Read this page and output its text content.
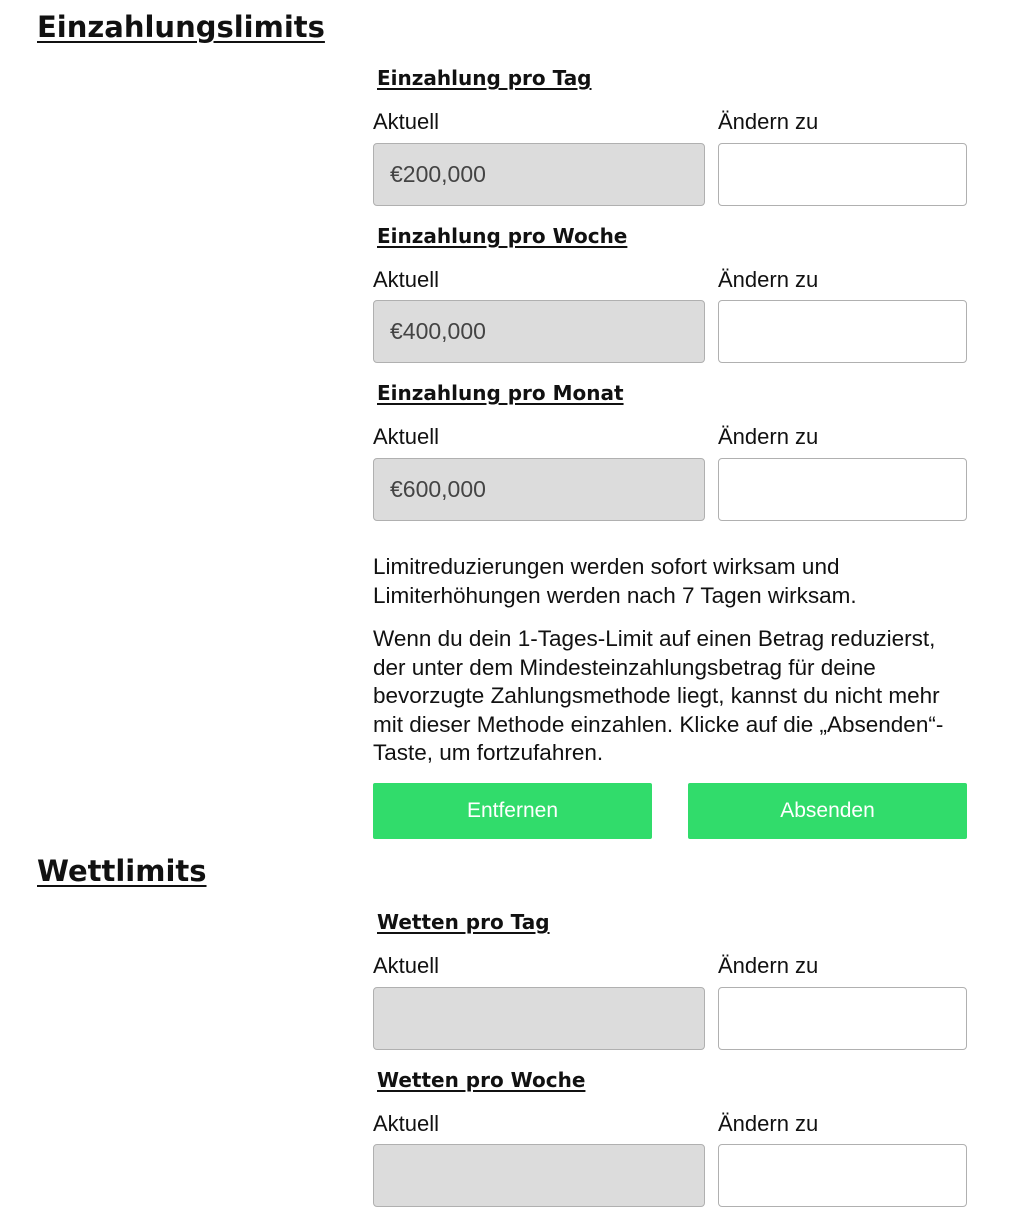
Einzahlungslimits
Einzahlung pro Tag
Aktuell	Ändern zu
€200,000
Einzahlung pro Woche
Aktuell	Ändern zu
€400,000
Einzahlung pro Monat
Aktuell	Ändern zu
€600,000

Limitreduzierungen werden sofort wirksam und Limiterhöhungen werden nach 7 Tagen wirksam.

Wenn du dein 1-Tages-Limit auf einen Betrag reduzierst, der unter dem Mindesteinzahlungsbetrag für deine bevorzugte Zahlungsmethode liegt, kannst du nicht mehr mit dieser Methode einzahlen. Klicke auf die „Absenden“-Taste, um fortzufahren.

Entfernen	Absenden
Wettlimits
Wetten pro Tag
Aktuell	Ändern zu
Wetten pro Woche
Aktuell	Ändern zu
